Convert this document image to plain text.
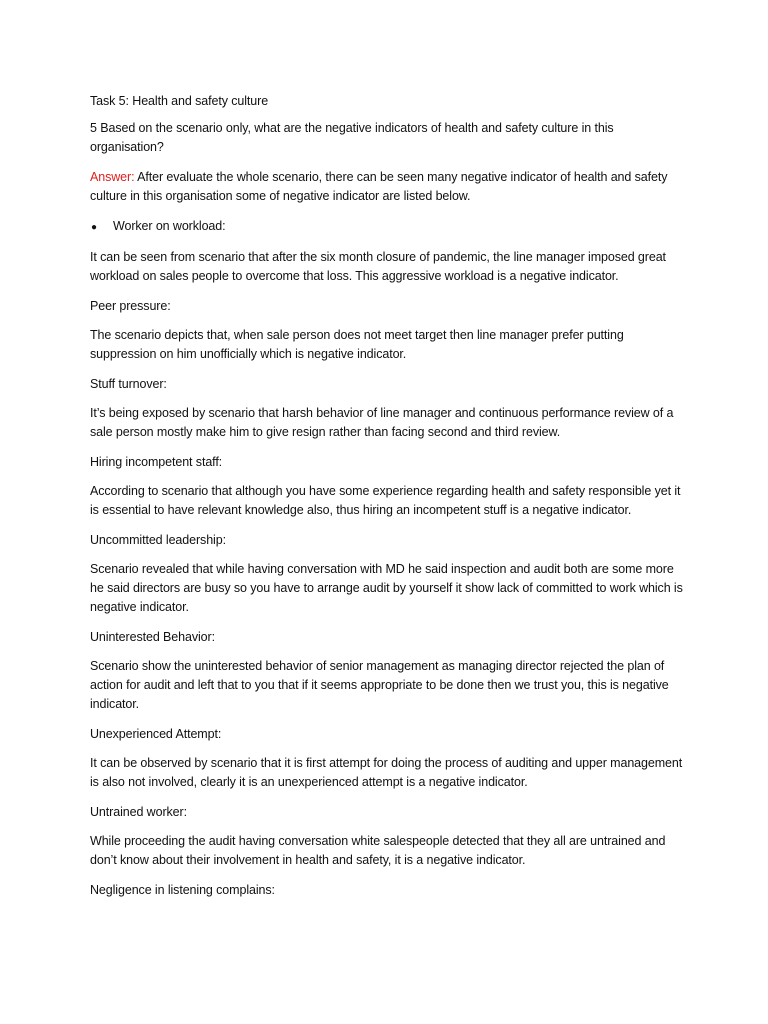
Task 5: Health and safety culture

5 Based on the scenario only, what are the negative indicators of health and safety culture in this organisation?

Answer: After evaluate the whole scenario, there can be seen many negative indicator of health and safety culture in this organisation some of negative indicator are listed below.

●	Worker on workload:

It can be seen from scenario that after the six month closure of pandemic, the line manager imposed great workload on sales people to overcome that loss. This aggressive workload is a negative indicator.

Peer pressure:

The scenario depicts that, when sale person does not meet target then line manager prefer putting suppression on him unofficially which is negative indicator.

Stuff turnover:

It’s being exposed by scenario that harsh behavior of line manager and continuous performance review of a sale person mostly make him to give resign rather than facing second and third review.

Hiring incompetent staff:

According to scenario that although you have some experience regarding health and safety responsible yet it is essential to have relevant knowledge also, thus hiring an incompetent stuff is a negative indicator.

Uncommitted leadership:

Scenario revealed that while having conversation with MD he said inspection and audit both are some more he said directors are busy so you have to arrange audit by yourself it show lack of committed to work which is negative indicator.

Uninterested Behavior:

Scenario show the uninterested behavior of senior management as managing director rejected the plan of action for audit and left that to you that if it seems appropriate to be done then we trust you, this is negative indicator.

Unexperienced Attempt:

It can be observed by scenario that it is first attempt for doing the process of auditing and upper management is also not involved, clearly it is an unexperienced attempt is a negative indicator.

Untrained worker:

While proceeding the audit having conversation white salespeople detected that they all are untrained and don’t know about their involvement in health and safety, it is a negative indicator.

Negligence in listening complains:
